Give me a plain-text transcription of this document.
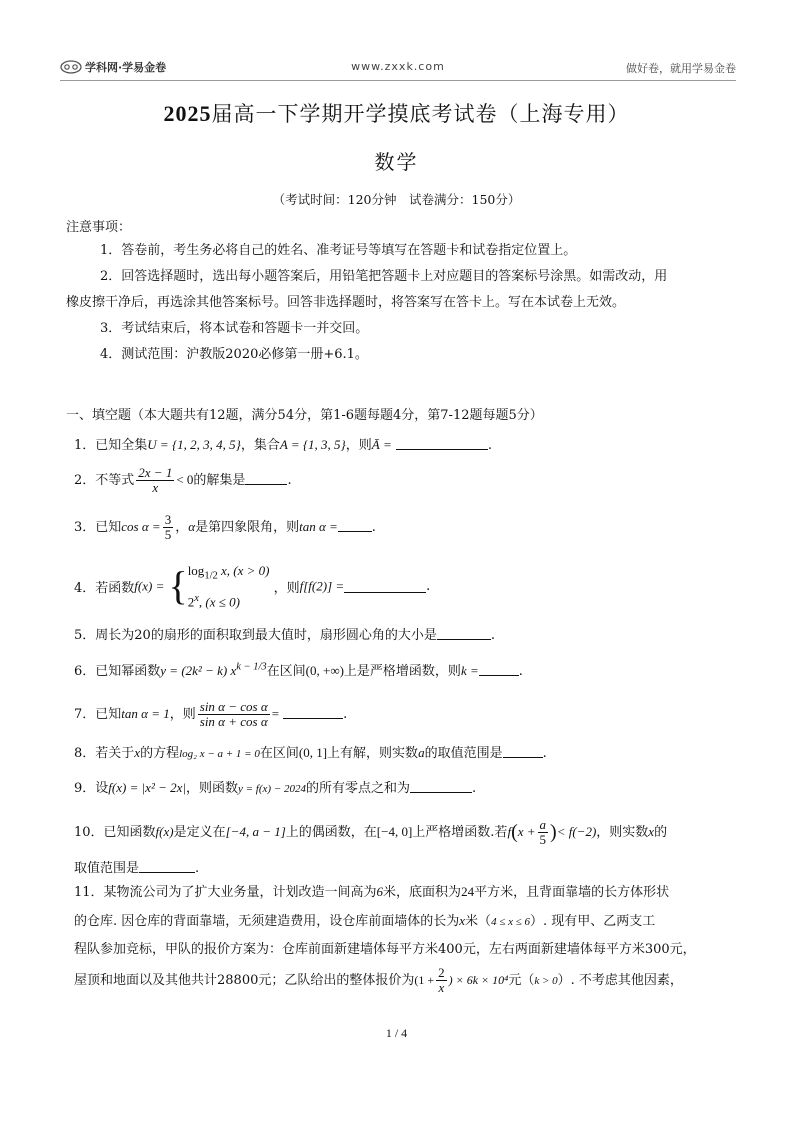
学科网·学易金卷	www.zxxk.com	做好卷，就用学易金卷
2025届高一下学期开学摸底考试卷（上海专用）
数学
（考试时间：120分钟　试卷满分：150分）
注意事项：
1．答卷前，考生务必将自己的姓名、准考证号等填写在答题卡和试卷指定位置上。
2．回答选择题时，选出每小题答案后，用铅笔把答题卡上对应题目的答案标号涂黑。如需改动，用
橡皮擦干净后，再选涂其他答案标号。回答非选择题时，将答案写在答卡上。写在本试卷上无效。
3．考试结束后，将本试卷和答题卡一并交回。
4．测试范围：沪教版2020必修第一册+6.1。
一、填空题（本大题共有12题，满分54分，第1-6题每题4分，第7-12题每题5分）
1．已知全集U = {1, 2, 3, 4, 5}，集合A = {1, 3, 5}，则Ā =	.
2．不等式 $\frac{2x - 1}{x} < 0$的解集是	.
3．已知$\cos \alpha = \frac{3}{5}$ ，α是第四象限角，则tan α =	.
4．若函数f(x) = { $\log_{1/2} x$, (x > 0)
2$^x$, (x ≤ 0)
，则f[f(2)] =	.
5．周长为20的扇形的面积取到最大值时，扇形圆心角的大小是	.
6．已知幂函数y = (2k² − k) $x^{k - 1/3}$在区间(0, +∞)上是严格增函数，则k =	.
7．已知tan α = 1，则 $\frac{\text{sin α − cos α}}{\text{sin α + cos α}}$ =	.
8．若关于x的方程log₂ x − a + 1 = 0在区间(0, 1]上有解，则实数a的取值范围是	.
9．设f(x) = |x² − 2x|，则函数y = f(x) − 2024的所有零点之和为	.
10．已知函数f(x)是定义在[−4, a − 1]上的偶函数，在[−4, 0]上严格增函数.若$f(x + \frac{a}{5}$ )< f(−2)，则实数x的
取值范围是	.
11．某物流公司为了扩大业务量，计划改造一间高为6米，底面积为24平方米，且背面靠墙的长方体形状
的仓库. 因仓库的背面靠墙，无须建造费用，设仓库前面墙体的长为x米（4 ≤ x ≤ 6）. 现有甲、乙两支工
程队参加竞标，甲队的报价方案为：仓库前面新建墙体每平方米400元，左右两面新建墙体每平方米300元，
屋顶和地面以及其他共计28800元；乙队给出的整体报价为($1 + \frac{2}{x}$ ) × 6k × 10⁴元（k > 0）. 不考虑其他因素，
1 / 4
